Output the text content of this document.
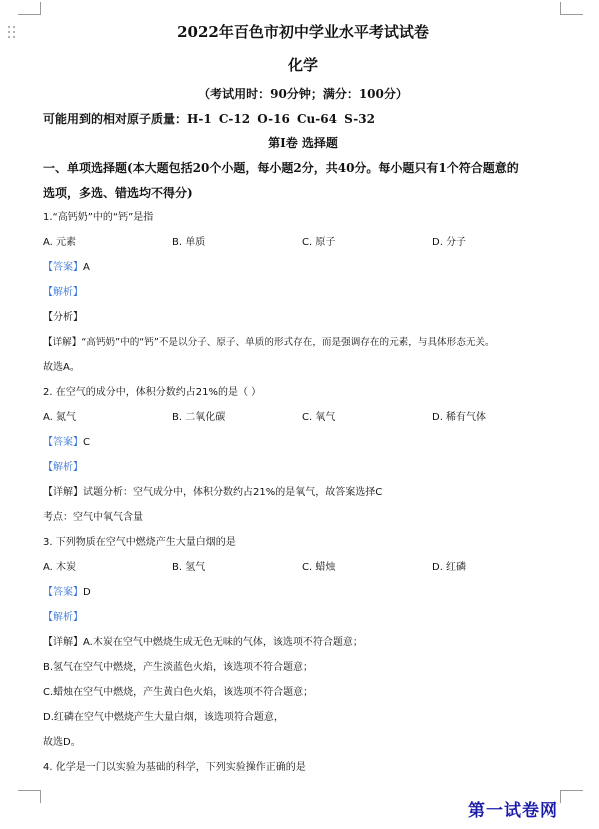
2022年百色市初中学业水平考试试卷
化学
（考试用时：90分钟；满分：100分）
可能用到的相对原子质量：H-1 C-12 O-16 Cu-64 S-32
第I卷 选择题
一、单项选择题(本大题包括20个小题，每小题2分，共40分。每小题只有1个符合题意的
选项，多选、错选均不得分)
1.“高钙奶”中的“钙”是指
A. 元素	B. 单质	C. 原子	D. 分子
【答案】A
【解析】
【分析】
【详解】“高钙奶”中的“钙”不是以分子、原子、单质的形式存在，而是强调存在的元素，与具体形态无关。
故选A。
2. 在空气的成分中，体积分数约占21%的是（ ）
A. 氮气	B. 二氧化碳	C. 氧气	D. 稀有气体
【答案】C
【解析】
【详解】试题分析：空气成分中，体积分数约占21%的是氧气，故答案选择C
考点：空气中氧气含量
3. 下列物质在空气中燃烧产生大量白烟的是
A. 木炭	B. 氢气	C. 蜡烛	D. 红磷
【答案】D
【解析】
【详解】A.木炭在空气中燃烧生成无色无味的气体，该选项不符合题意；
B.氢气在空气中燃烧，产生淡蓝色火焰，该选项不符合题意；
C.蜡烛在空气中燃烧，产生黄白色火焰，该选项不符合题意；
D.红磷在空气中燃烧产生大量白烟，该选项符合题意，
故选D。
4. 化学是一门以实验为基础的科学，下列实验操作正确的是
第一试卷网
